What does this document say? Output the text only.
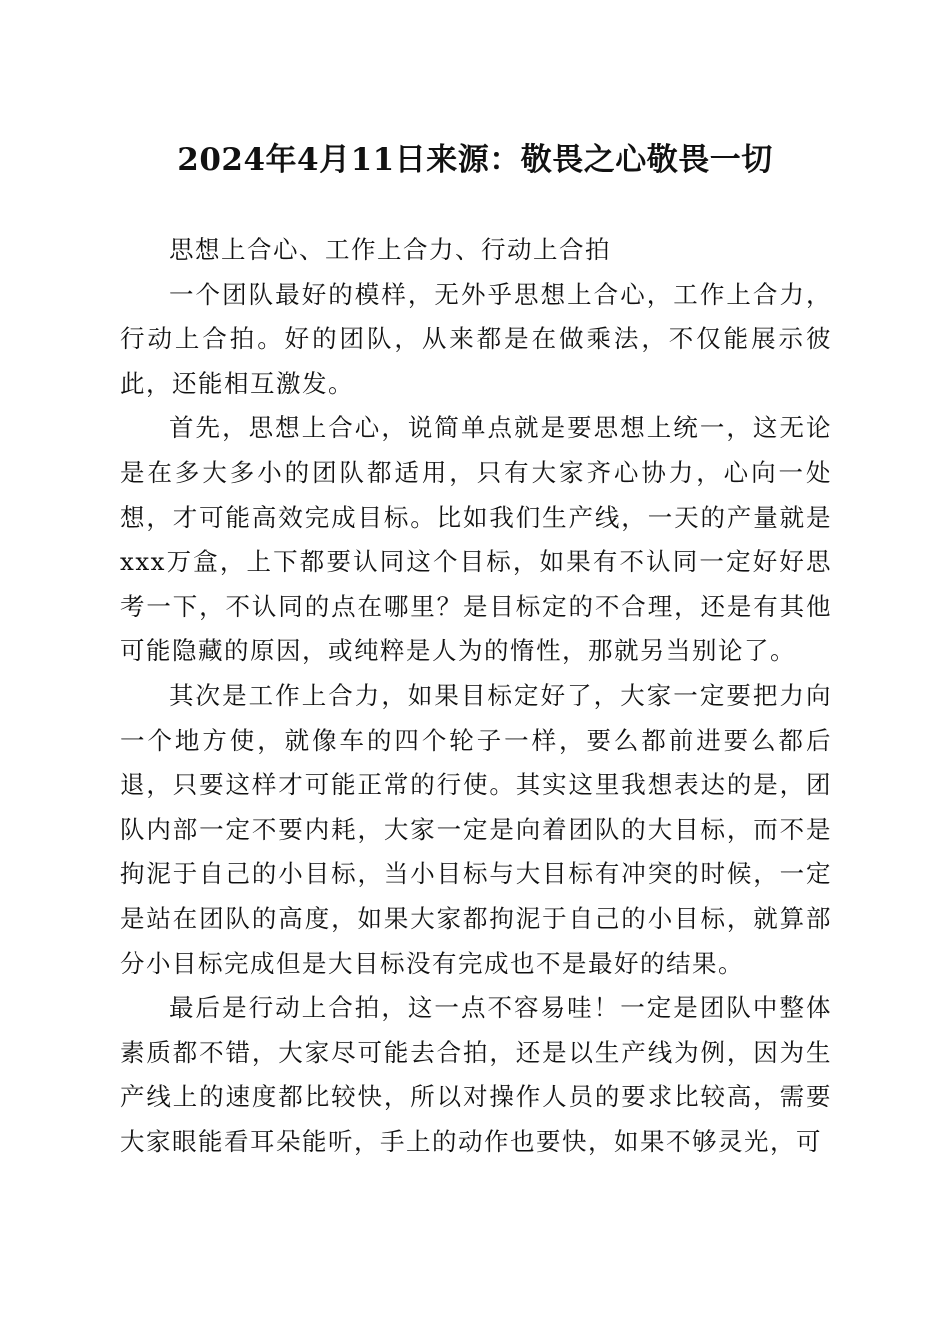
2024年4月11日来源：敬畏之心敬畏一切

思想上合心、工作上合力、行动上合拍

一个团队最好的模样，无外乎思想上合心，工作上合力，行动上合拍。好的团队，从来都是在做乘法，不仅能展示彼此，还能相互激发。

首先，思想上合心，说简单点就是要思想上统一，这无论是在多大多小的团队都适用，只有大家齐心协力，心向一处想，才可能高效完成目标。比如我们生产线，一天的产量就是xxx万盒，上下都要认同这个目标，如果有不认同一定好好思考一下，不认同的点在哪里？是目标定的不合理，还是有其他可能隐藏的原因，或纯粹是人为的惰性，那就另当别论了。

其次是工作上合力，如果目标定好了，大家一定要把力向一个地方使，就像车的四个轮子一样，要么都前进要么都后退，只要这样才可能正常的行使。其实这里我想表达的是，团队内部一定不要内耗，大家一定是向着团队的大目标，而不是拘泥于自己的小目标，当小目标与大目标有冲突的时候，一定是站在团队的高度，如果大家都拘泥于自己的小目标，就算部分小目标完成但是大目标没有完成也不是最好的结果。

最后是行动上合拍，这一点不容易哇！一定是团队中整体素质都不错，大家尽可能去合拍，还是以生产线为例，因为生产线上的速度都比较快，所以对操作人员的要求比较高，需要大家眼能看耳朵能听，手上的动作也要快，如果不够灵光，可
